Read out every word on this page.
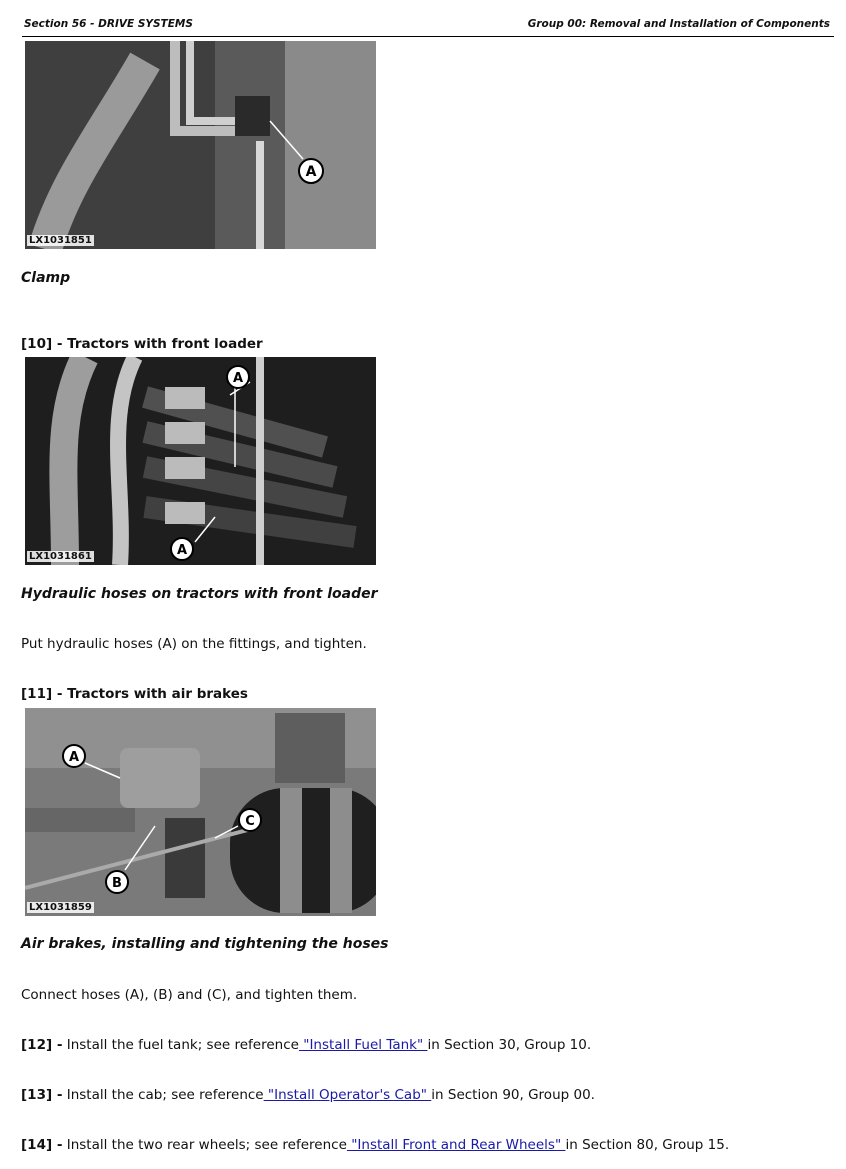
Section 56 - DRIVE SYSTEMS	Group 00: Removal and Installation of Components
A
LX1031851
Clamp
[10] - Tractors with front loader
A
A
LX1031861
Hydraulic hoses on tractors with front loader
Put hydraulic hoses (A) on the fittings, and tighten.
[11] - Tractors with air brakes
A
B
C
LX1031859
Air brakes, installing and tightening the hoses
Connect hoses (A), (B) and (C), and tighten them.
[12] - Install the fuel tank; see reference "Install Fuel Tank" in Section 30, Group 10.
[13] - Install the cab; see reference "Install Operator's Cab" in Section 90, Group 00.
[14] - Install the two rear wheels; see reference "Install Front and Rear Wheels" in Section 80, Group 15.
